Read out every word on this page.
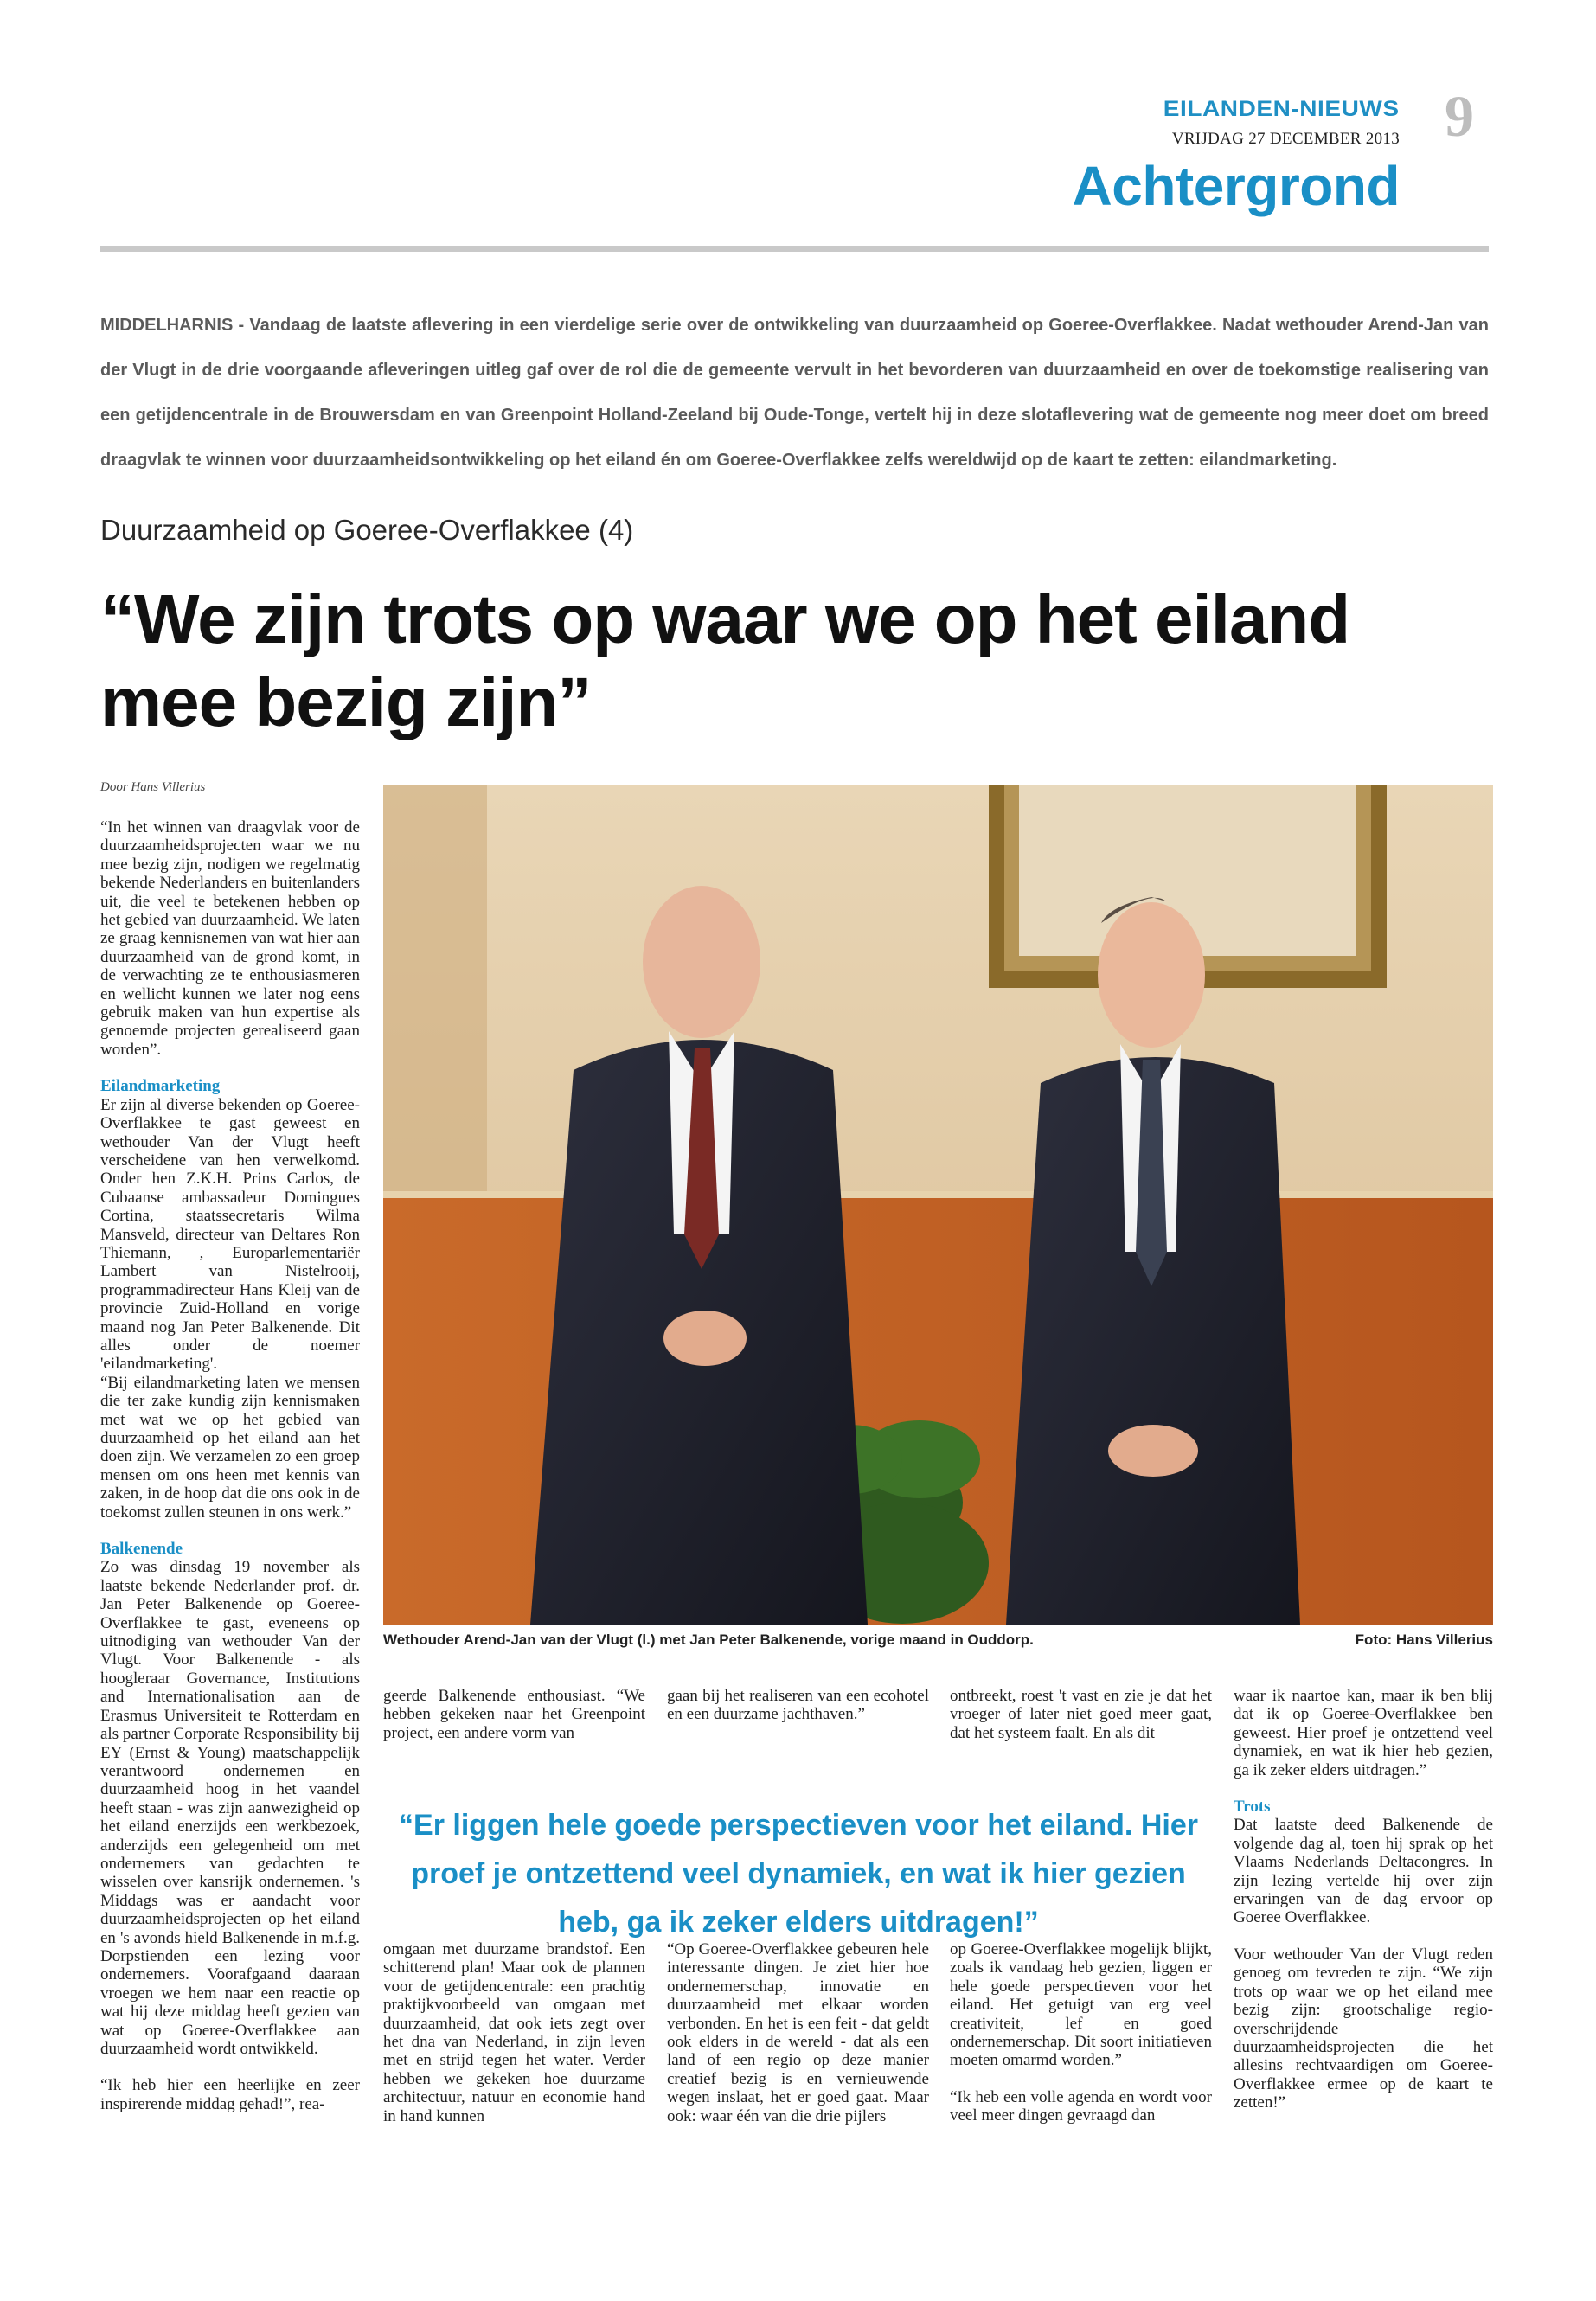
EILANDEN-NIEUWS
VRIJDAG 27 DECEMBER 2013 9
Achtergrond

MIDDELHARNIS - Vandaag de laatste aflevering in een vierdelige serie over de ontwikkeling van duurzaamheid op Goeree-Overflakkee. Nadat wethouder Arend-Jan van der Vlugt in de drie voorgaande afleveringen uitleg gaf over de rol die de gemeente vervult in het bevorderen van duurzaamheid en over de toekomstige realisering van een getijdencentrale in de Brouwersdam en van Greenpoint Holland-Zeeland bij Oude-Tonge, vertelt hij in deze slotaflevering wat de gemeente nog meer doet om breed draagvlak te winnen voor duurzaamheidsontwikkeling op het eiland én om Goeree-Overflakkee zelfs wereldwijd op de kaart te zetten: eilandmarketing.

Duurzaamheid op Goeree-Overflakkee (4)
“We zijn trots op waar we op het eiland mee bezig zijn”
Door Hans Villerius

“In het winnen van draagvlak voor de duurzaamheidsprojecten waar we nu mee bezig zijn, nodigen we regelmatig bekende Nederlanders en buitenlanders uit, die veel te betekenen hebben op het gebied van duurzaamheid. We laten ze graag kennisnemen van wat hier aan duurzaamheid van de grond komt, in de verwachting ze te enthousiasmeren en wellicht kunnen we later nog eens gebruik maken van hun expertise als genoemde projecten gerealiseerd gaan worden”.

Eilandmarketing

Er zijn al diverse bekenden op Goeree-Overflakkee te gast geweest en wethouder Van der Vlugt heeft verscheidene van hen verwelkomd. Onder hen Z.K.H. Prins Carlos, de Cubaanse ambassadeur Domingues Cortina, staatssecretaris Wilma Mansveld, directeur van Deltares Ron Thiemann, , Europarlementariër Lambert van Nistelrooij, programmadirecteur Hans Kleij van de provincie Zuid-Holland en vorige maand nog Jan Peter Balkenende. Dit alles onder de noemer 'eilandmarketing'.

“Bij eilandmarketing laten we mensen die ter zake kundig zijn kennismaken met wat we op het gebied van duurzaamheid op het eiland aan het doen zijn. We verzamelen zo een groep mensen om ons heen met kennis van zaken, in de hoop dat die ons ook in de toekomst zullen steunen in ons werk.”

Balkenende

Zo was dinsdag 19 november als laatste bekende Nederlander prof. dr. Jan Peter Balkenende op Goeree-Overflakkee te gast, eveneens op uitnodiging van wethouder Van der Vlugt. Voor Balkenende - als hoogleraar Governance, Institutions and Internationalisation aan de Erasmus Universiteit te Rotterdam en als partner Corporate Responsibility bij EY (Ernst & Young) maatschappelijk verantwoord ondernemen en duurzaamheid hoog in het vaandel heeft staan - was zijn aanwezigheid op het eiland enerzijds een werkbezoek, anderzijds een gelegenheid om met ondernemers van gedachten te wisselen over kansrijk ondernemen. 's Middags was er aandacht voor duurzaamheidsprojecten op het eiland en 's avonds hield Balkenende in m.f.g. Dorpstienden een lezing voor ondernemers. Voorafgaand daaraan vroegen we hem naar een reactie op wat hij deze middag heeft gezien van wat op Goeree-Overflakkee aan duurzaamheid wordt ontwikkeld.

“Ik heb hier een heerlijke en zeer inspirerende middag gehad!”, rea-

Wethouder Arend-Jan van der Vlugt (l.) met Jan Peter Balkenende, vorige maand in Ouddorp.	Foto: Hans Villerius
geerde Balkenende enthousiast. “We hebben gekeken naar het Greenpoint project, een andere vorm van
gaan bij het realiseren van een ecohotel en een duurzame jachthaven.”
ontbreekt, roest 't vast en zie je dat het vroeger of later niet goed meer gaat, dat het systeem faalt. En als dit

“Er liggen hele goede perspectieven voor het eiland. Hier proef je ontzettend veel dynamiek, en wat ik hier gezien heb, ga ik zeker elders uitdragen!”

omgaan met duurzame brandstof. Een schitterend plan! Maar ook de plannen voor de getijdencentrale: een prachtig praktijkvoorbeeld van omgaan met duurzaamheid, dat ook iets zegt over het dna van Nederland, in zijn leven met en strijd tegen het water. Verder hebben we gekeken hoe duurzame architectuur, natuur en economie hand in hand kunnen
“Op Goeree-Overflakkee gebeuren hele interessante dingen. Je ziet hier hoe ondernemerschap, innovatie en duurzaamheid met elkaar worden verbonden. En het is een feit - dat geldt ook elders in de wereld - dat als een land of een regio op deze manier creatief bezig is en vernieuwende wegen inslaat, het er goed gaat. Maar ook: waar één van die drie pijlers

op Goeree-Overflakkee mogelijk blijkt, zoals ik vandaag heb gezien, liggen er hele goede perspectieven voor het eiland. Het getuigt van erg veel creativiteit, lef en goed ondernemerschap. Dit soort initiatieven moeten omarmd worden.”

“Ik heb een volle agenda en wordt voor veel meer dingen gevraagd dan

waar ik naartoe kan, maar ik ben blij dat ik op Goeree-Overflakkee ben geweest. Hier proef je ontzettend veel dynamiek, en wat ik hier heb gezien, ga ik zeker elders uitdragen.”

Trots

Dat laatste deed Balkenende de volgende dag al, toen hij sprak op het Vlaams Nederlands Deltacongres. In zijn lezing vertelde hij over zijn ervaringen van de dag ervoor op Goeree Overflakkee.

Voor wethouder Van der Vlugt reden genoeg om tevreden te zijn. “We zijn trots op waar we op het eiland mee bezig zijn: grootschalige regio-overschrijdende duurzaamheidsprojecten die het allesins rechtvaardigen om Goeree-Overflakkee ermee op de kaart te zetten!”
